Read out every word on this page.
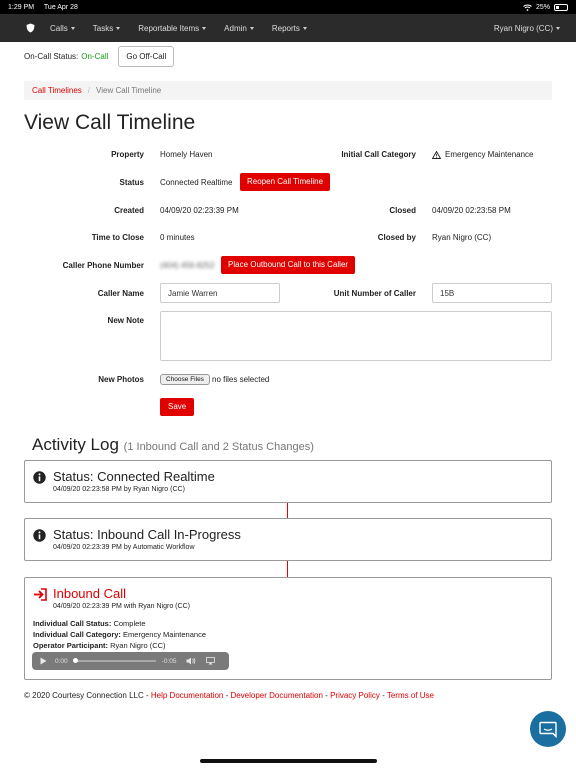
1:29 PM Tue Apr 28	25%
Calls	Tasks	Reportable Items	Admin	Reports	Ryan Nigro (CC)
On-Call Status: On-Call	Go Off-Call
Call Timelines / View Call Timeline
View Call Timeline
Property Homely Haven	Initial Call Category	Emergency Maintenance
Status Connected Realtime	Reopen Call Timeline
Created 04/09/20 02:23:39 PM	Closed 04/09/20 02:23:58 PM
Time to Close 0 minutes	Closed by Ryan Nigro (CC)
Caller Phone Number (404) 456-8252	Place Outbound Call to this Caller
Caller Name	Jamie Warren	Unit Number of Caller	15B
New Note
New Photos	Choose Files	no files selected
Save
Activity Log (1 Inbound Call and 2 Status Changes)
Status: Connected Realtime
04/09/20 02:23:58 PM by Ryan Nigro (CC)
Status: Inbound Call In-Progress
04/09/20 02:23:39 PM by Automatic Workflow
Inbound Call
04/09/20 02:23:39 PM with Ryan Nigro (CC)
Individual Call Status: Complete
Individual Call Category: Emergency Maintenance
Operator Participant: Ryan Nigro (CC)
0:00	-0:05
© 2020 Courtesy Connection LLC - Help Documentation - Developer Documentation - Privacy Policy - Terms of Use
